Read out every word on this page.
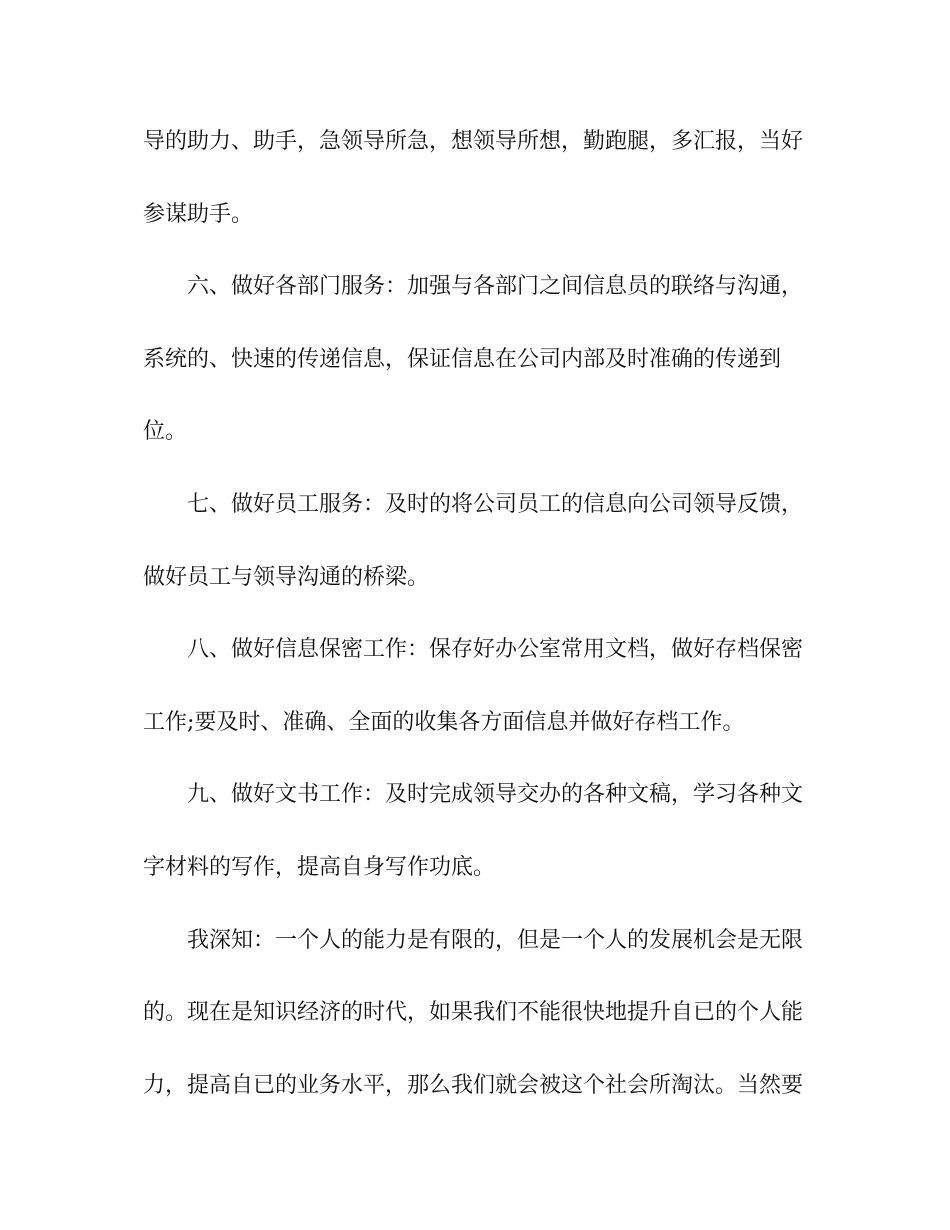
导的助力、助手，急领导所急，想领导所想，勤跑腿，多汇报，当好

参谋助手。

六、做好各部门服务：加强与各部门之间信息员的联络与沟通，

系统的、快速的传递信息，保证信息在公司内部及时准确的传递到

位。

七、做好员工服务：及时的将公司员工的信息向公司领导反馈，

做好员工与领导沟通的桥梁。

八、做好信息保密工作：保存好办公室常用文档，做好存档保密

工作;要及时、准确、全面的收集各方面信息并做好存档工作。

九、做好文书工作：及时完成领导交办的各种文稿，学习各种文

字材料的写作，提高自身写作功底。

我深知：一个人的能力是有限的，但是一个人的发展机会是无限

的。现在是知识经济的时代，如果我们不能很快地提升自已的个人能

力，提高自已的业务水平，那么我们就会被这个社会所淘汰。当然要
